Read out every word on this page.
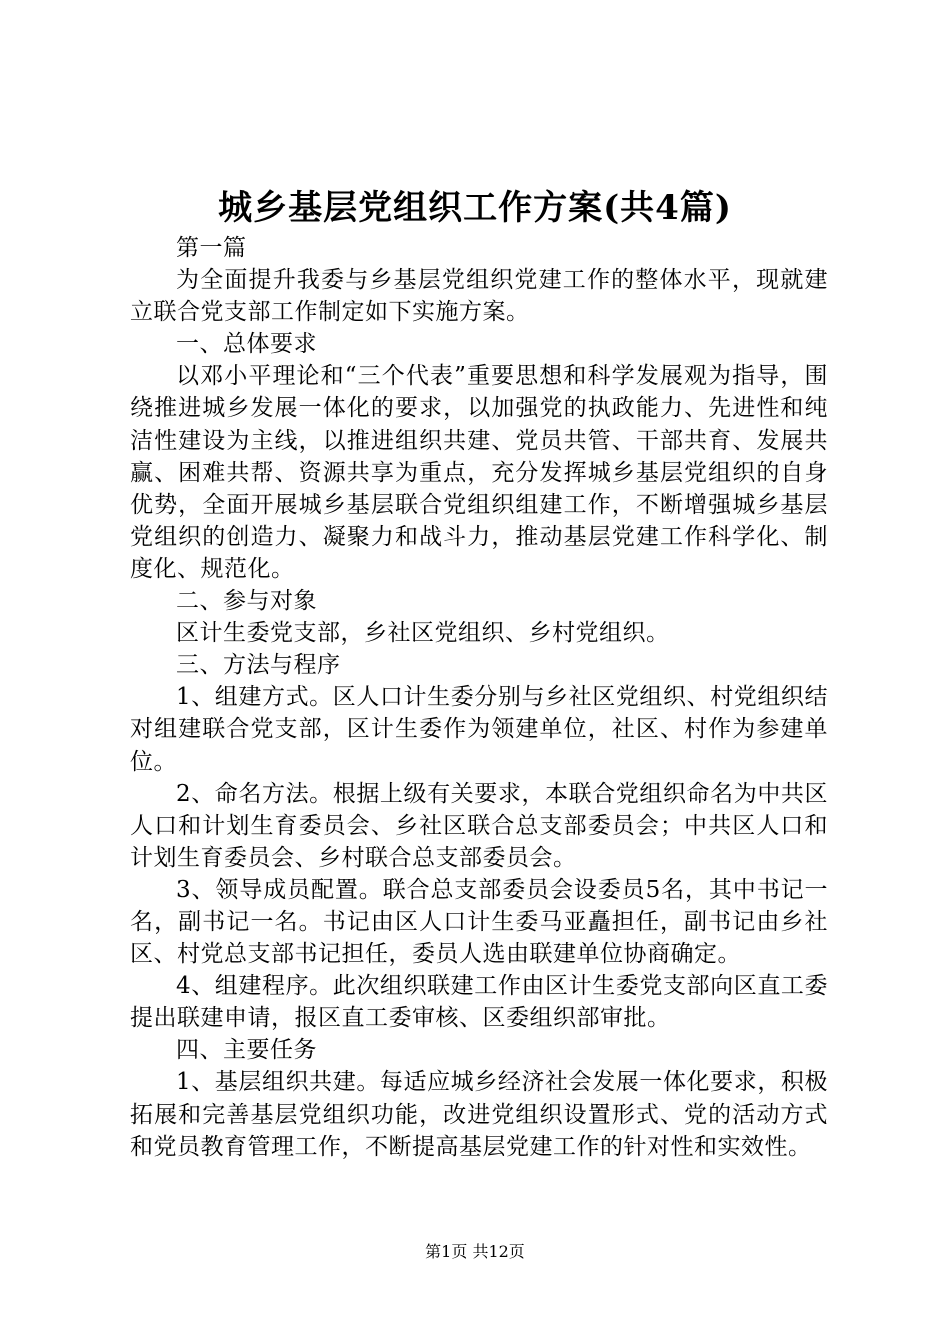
城乡基层党组织工作方案(共4篇)

第一篇

为全面提升我委与乡基层党组织党建工作的整体水平，现就建立联合党支部工作制定如下实施方案。

一、总体要求

以邓小平理论和“三个代表”重要思想和科学发展观为指导，围绕推进城乡发展一体化的要求，以加强党的执政能力、先进性和纯洁性建设为主线，以推进组织共建、党员共管、干部共育、发展共赢、困难共帮、资源共享为重点，充分发挥城乡基层党组织的自身优势，全面开展城乡基层联合党组织组建工作，不断增强城乡基层党组织的创造力、凝聚力和战斗力，推动基层党建工作科学化、制度化、规范化。

二、参与对象

区计生委党支部，乡社区党组织、乡村党组织。

三、方法与程序

1、组建方式。区人口计生委分别与乡社区党组织、村党组织结对组建联合党支部，区计生委作为领建单位，社区、村作为参建单位。

2、命名方法。根据上级有关要求，本联合党组织命名为中共区人口和计划生育委员会、乡社区联合总支部委员会；中共区人口和计划生育委员会、乡村联合总支部委员会。

3、领导成员配置。联合总支部委员会设委员5名，其中书记一名，副书记一名。书记由区人口计生委马亚矗担任，副书记由乡社区、村党总支部书记担任，委员人选由联建单位协商确定。

4、组建程序。此次组织联建工作由区计生委党支部向区直工委提出联建申请，报区直工委审核、区委组织部审批。

四、主要任务

1、基层组织共建。每适应城乡经济社会发展一体化要求，积极拓展和完善基层党组织功能，改进党组织设置形式、党的活动方式和党员教育管理工作，不断提高基层党建工作的针对性和实效性。

第1页 共12页
